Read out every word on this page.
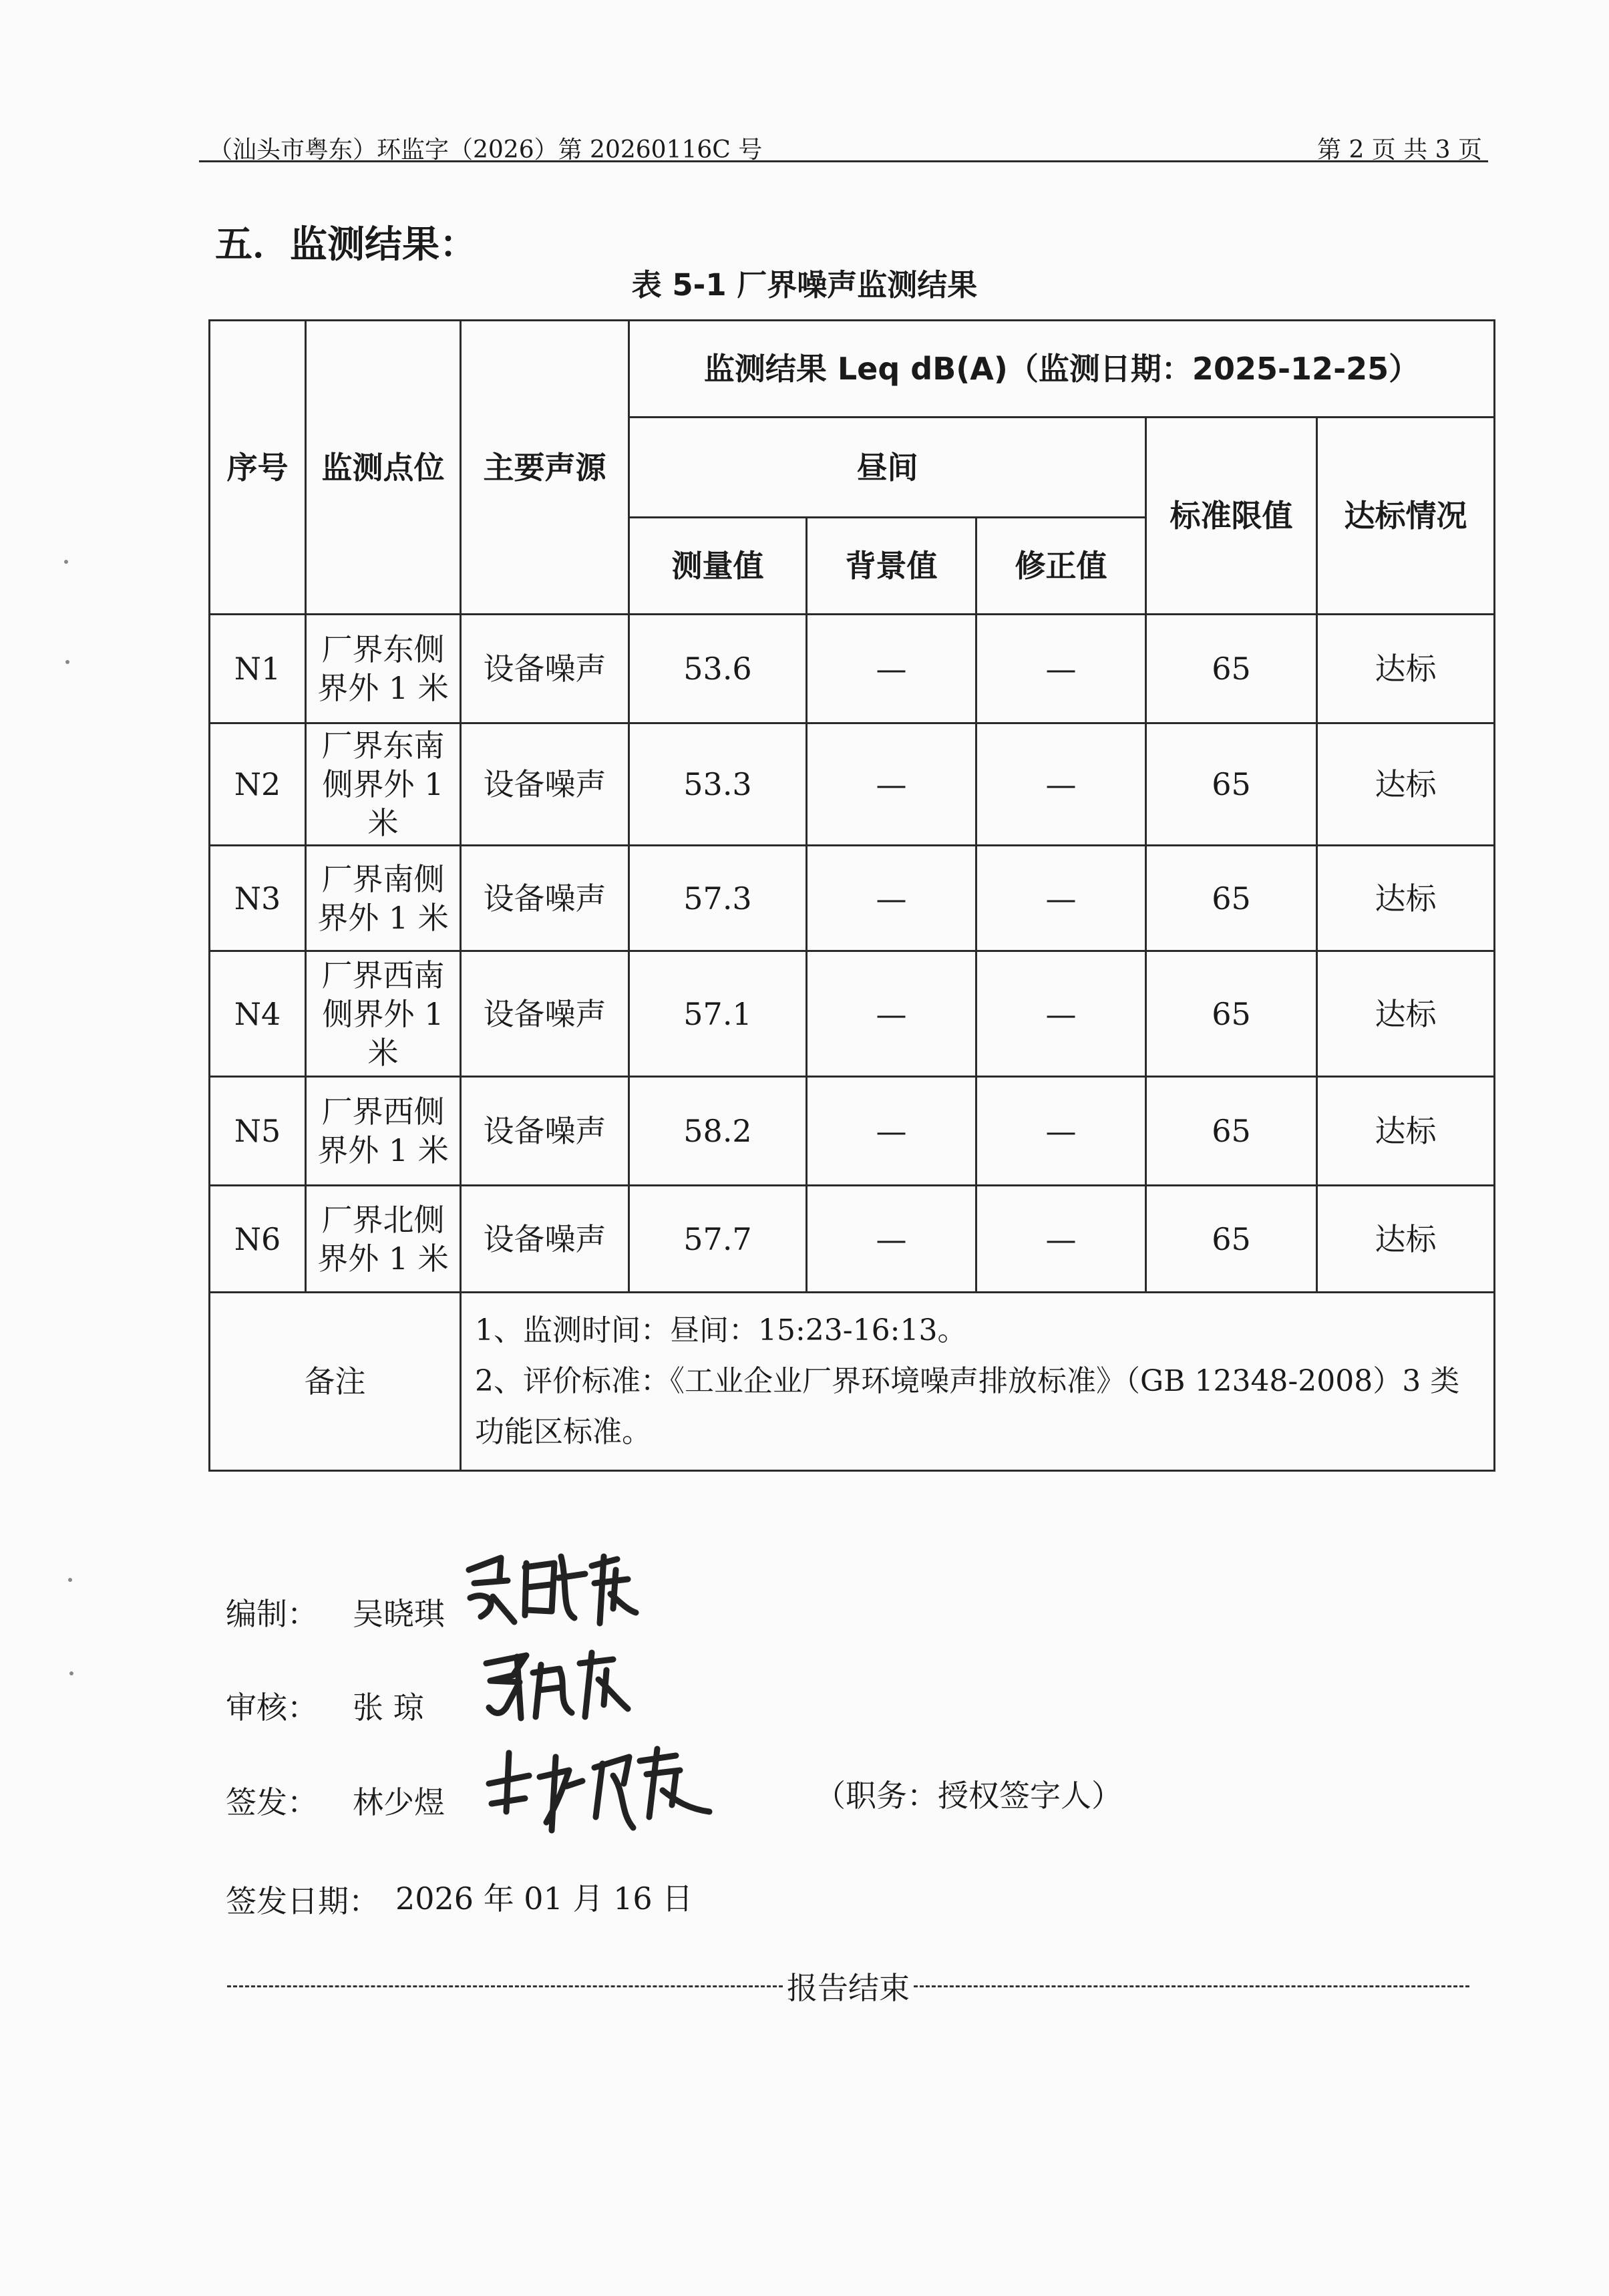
（汕头市粤东）环监字（2026）第 20260116C 号	第 2 页 共 3 页
五．监测结果：
表 5-1 厂界噪声监测结果
序号	监测点位	主要声源	监测结果 Leq dB(A)（监测日期：2025-12-25）				
			昼间			标准限值	达标情况
			测量值	背景值	修正值		
N1	厂界东侧界外 1 米	设备噪声	53.6	—	—	65	达标
N2	厂界东南侧界外 1 米	设备噪声	53.3	—	—	65	达标
N3	厂界南侧界外 1 米	设备噪声	57.3	—	—	65	达标
N4	厂界西南侧界外 1 米	设备噪声	57.1	—	—	65	达标
N5	厂界西侧界外 1 米	设备噪声	58.2	—	—	65	达标
N6	厂界北侧界外 1 米	设备噪声	57.7	—	—	65	达标
备注		1、监测时间：昼间：15:23-16:13。
2、评价标准：《工业企业厂界环境噪声排放标准》（GB 12348-2008）3 类功能区标准。					
编制： 吴晓琪
审核： 张 琼
签发： 林少煜	（职务：授权签字人）
签发日期： 2026 年 01 月 16 日
报告结束
